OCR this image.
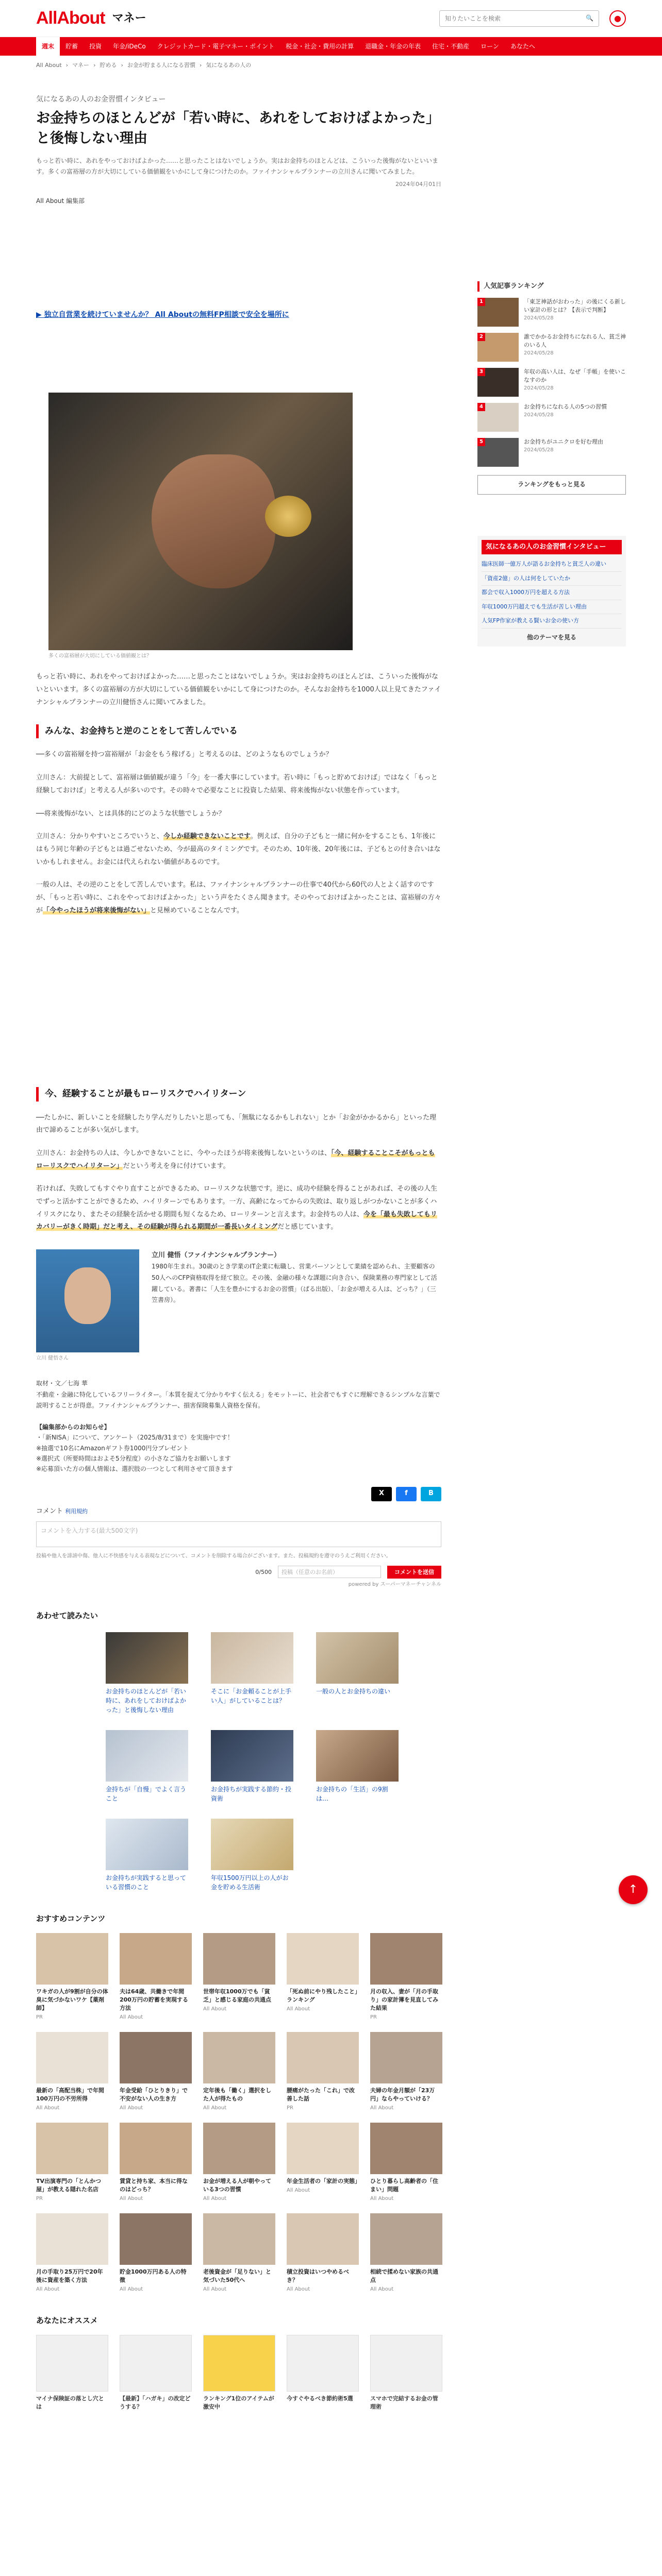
AllAbout マネー
知りたいことを検索	🔍	●
週末	貯蓄	投資	年金/iDeCo	クレジットカード・電子マネー・ポイント	税金・社会・費用の計算	退職金・年金の年表	住宅・不動産	ローン	あなたへ
All About › マネー › 貯める › お金が貯まる人になる習慣 › 気になるあの人の
気になるあの人のお金習慣インタビュー
お金持ちのほとんどが「若い時に、あれをしておけばよかった」と後悔しない理由
もっと若い時に、あれをやっておけばよかった……と思ったことはないでしょうか。実はお金持ちのほとんどは、こういった後悔がないといいます。多くの富裕層の方が大切にしている価値観をいかにして身につけたのか。ファイナンシャルプランナーの立川さんに聞いてみました。
2024年04月01日
All About 編集部
▶ 独立自営業を続けていませんか？ All Aboutの無料FP相談で安全を場所に
多くの富裕層が大切にしている価値観とは？
もっと若い時に、あれをやっておけばよかった……と思ったことはないでしょうか。実はお金持ちのほとんどは、こういった後悔がないといいます。多くの富裕層の方が大切にしている価値観をいかにして身につけたのか。そんなお金持ちを1000人以上見てきたファイナンシャルプランナーの立川健悟さんに聞いてみました。
みんな、お金持ちと逆のことをして苦しんでいる
──多くの富裕層を持つ富裕層が「お金をもう稼げる」と考えるのは、どのようなものでしょうか？
立川さん：大前提として、富裕層は価値観が違う「今」を一番大事にしています。若い時に「もっと貯めておけば」ではなく「もっと経験しておけば」と考える人が多いのです。その時々で必要なことに投資した結果、将来後悔がない状態を作っています。
──将来後悔がない、とは具体的にどのような状態でしょうか？
立川さん：分かりやすいところでいうと、今しか経験できないことです。例えば、自分の子どもと一緒に何かをすることも、1年後にはもう同じ年齢の子どもとは過ごせないため、今が最高のタイミングです。そのため、10年後、20年後には、子どもとの付き合いはないかもしれません。お金には代えられない価値があるのです。
一般の人は、その逆のことをして苦しんでいます。私は、ファイナンシャルプランナーの仕事で40代から60代の人とよく話すのですが、「もっと若い時に、これをやっておけばよかった」という声をたくさん聞きます。そのやっておけばよかったことは、富裕層の方々が「今やったほうが将来後悔がない」と見極めていることなんです。
今、経験することが最もローリスクでハイリターン
──たしかに、新しいことを経験したり学んだりしたいと思っても、「無駄になるかもしれない」とか「お金がかかるから」といった理由で諦めることが多い気がします。
立川さん：お金持ちの人は、今しかできないことに、今やったほうが将来後悔しないというのは、「今、経験することこそがもっともローリスクでハイリターン」だという考えを身に付けています。
若ければ、失敗してもすぐやり直すことができるため、ローリスクな状態です。逆に、成功や経験を得ることがあれば、その後の人生でずっと活かすことができるため、ハイリターンでもあります。一方、高齢になってからの失敗は、取り返しがつかないことが多くハイリスクになり、またその経験を活かせる期間も短くなるため、ローリターンと言えます。お金持ちの人は、今を「最も失敗してもリカバリーがきく時期」だと考え、その経験が得られる期間が一番長いタイミングだと感じています。
立川 健悟さん
立川 健悟（ファイナンシャルプランナー）
1980年生まれ。30歳のとき学業のIT企業に転職し、営業パーソンとして業績を認められ、主要顧客の50人へのCFP資格取得を経て独立。その後、金融の様々な課題に向き合い、保険業務の専門家として活躍している。著書に「人生を豊かにするお金の習慣」（ぱる出版）、「お金が増える人は、どっち？」（三笠書房）。
取材・文／七海 華
不動産・金融に特化しているフリーライター。「本質を捉えて分かりやすく伝える」をモットーに、社会者でもすぐに理解できるシンプルな言葉で説明することが得意。ファイナンシャルプランナー、損害保険募集人資格を保有。
【編集部からのお知らせ】
・「新NISA」について、アンケート（2025/8/31まで）を実施中です！
※抽選で10名にAmazonギフト券1000円分プレゼント
※選択式（所要時間はおよそ5分程度）の小さなご協力をお願いします
※応募頂いた方の個人情報は、選択肢の一つとして利用させて頂きます
X	f	B
コメント 利用規約
コメントを入力する(最大500文字)
投稿や他人を誹謗中傷、他人に不快感を与える表現などについて、コメントを削除する場合がございます。また、投稿規約を遵守のうえご利用ください。
0/500	投稿（任意のお名前）	コメントを送信
powered by スーパーマネーチャンネル
あわせて読みたい
お金持ちのほとんどが「若い時に、あれをしておけばよかった」と後悔しない理由
そこに「お金頼ることが上手い人」がしていることは？
一般の人とお金持ちの違い
金持ちが「自慢」でよく言うこと
お金持ちが実践する節約・投資術
お金持ちの「生活」の9割は…
お金持ちが実践すると思っている習慣のこと
年収1500万円以上の人がお金を貯める生活術
おすすめコンテンツ
ワキガの人が9割が自分の体臭に気づかないワケ【薬剤師】
PR
夫は64歳、共働きで年間200万円の貯蓄を実現する方法
All About
世帯年収1000万でも「貧乏」と感じる家庭の共通点
All About
「死ぬ前にやり残したこと」ランキング
All About
月の収入、妻が「月の手取り」の家計簿を見直してみた結果
PR
最新の「高配当株」で年間100万円の不労所得
All About
年金受給「ひとりきり」で不安がない人の生き方
All About
定年後も「働く」選択をした人が得たもの
All About
腰痛がたった「これ」で改善した話
PR
夫婦の年金月額が「23万円」ならやっていける？
All About
TV出演専門の「とんかつ屋」が教える隠れた名店
PR
賃貸と持ち家、本当に得なのはどっち？
All About
お金が増える人が朝やっている3つの習慣
All About
年金生活者の「家計の実態」
All About
ひとり暮らし高齢者の「住まい」問題
All About
月の手取り25万円で20年後に資産を築く方法
All About
貯金1000万円ある人の特徴
All About
老後資金が「足りない」と気づいた50代へ
All About
積立投資はいつやめるべき？
All About
相続で揉めない家族の共通点
All About
あなたにオススメ
マイナ保険証の落とし穴とは
【最新】「ハガキ」の改定どうする？
ランキング1位のアイテムが激安中
今すぐやるべき節約術5選	スマホで完結するお金の管理術
人気記事ランキング
1	「東芝神話がおわった」の後にくる新しい家計の形とは？【表示で判断】
2024/05/28
2	誰でかかるお金持ちになれる人、貧乏神のいる人
2024/05/28
3	年収の高い人は、なぜ「手帳」を使いこなすのか
2024/05/28
4	お金持ちになれる人の5つの習慣
2024/05/28
5	お金持ちがユニクロを好む理由
2024/05/28
ランキングをもっと見る
気になるあの人のお金習慣インタビュー
臨床医師一億万人が語るお金持ちと貧乏人の違い
「資産2億」の人は何をしていたか
都会で収入1000万円を超える方法
年収1000万円超えでも生活が苦しい理由
人気FP作家が教える賢いお金の使い方
他のテーマを見る
↑
